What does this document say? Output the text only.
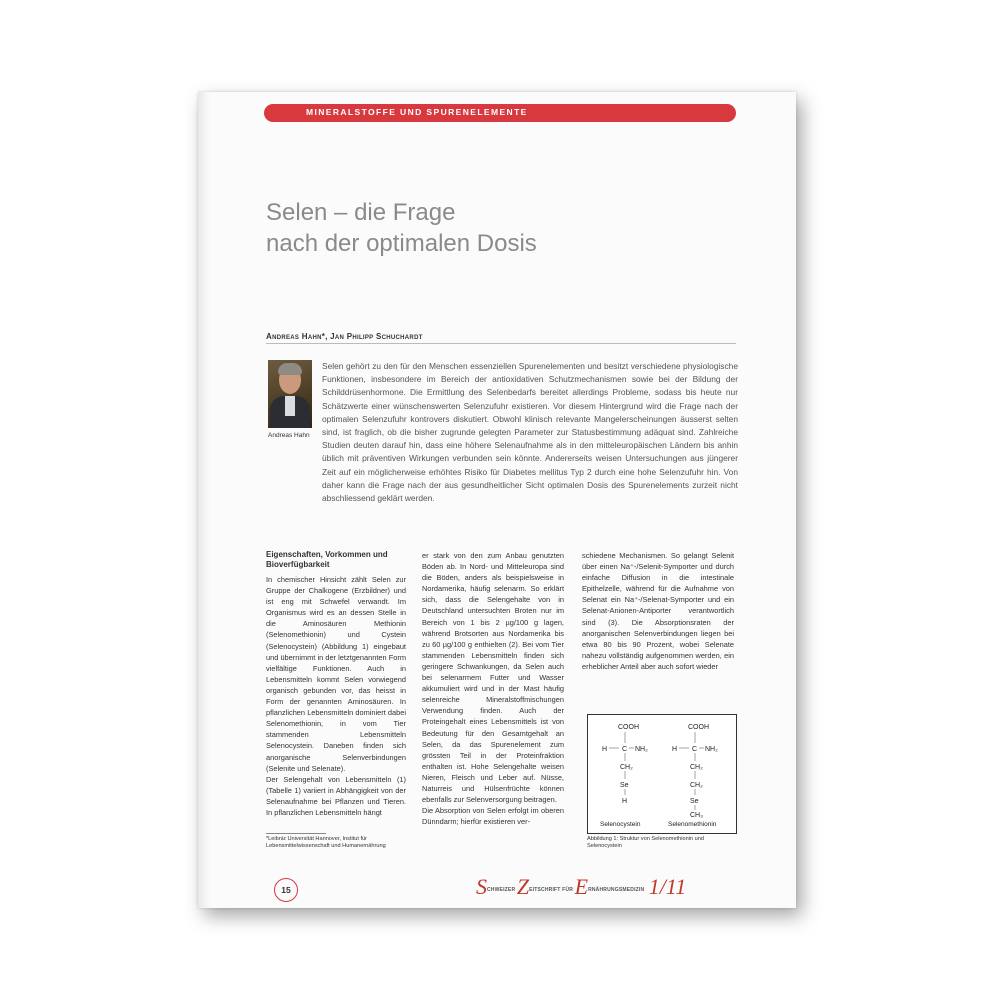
MINERALSTOFFE UND SPURENELEMENTE
Selen – die Frage
nach der optimalen Dosis
Andreas Hahn*, Jan Philipp Schuchardt
Andreas Hahn
Selen gehört zu den für den Menschen essenziellen Spurenelementen und besitzt verschiedene physiologische Funktionen, insbesondere im Bereich der antioxidativen Schutzmechanismen sowie bei der Bildung der Schilddrüsenhormone. Die Ermittlung des Selenbedarfs bereitet allerdings Probleme, sodass bis heute nur Schätzwerte einer wünschenswerten Selenzufuhr existieren. Vor diesem Hintergrund wird die Frage nach der optimalen Selenzufuhr kontrovers diskutiert. Obwohl klinisch relevante Mangelerscheinungen äusserst selten sind, ist fraglich, ob die bisher zugrunde gelegten Parameter zur Statusbestimmung adäquat sind. Zahlreiche Studien deuten darauf hin, dass eine höhere Selenaufnahme als in den mitteleuropäischen Ländern bis anhin üblich mit präventiven Wirkungen verbunden sein könnte. Andererseits weisen Untersuchungen aus jüngerer Zeit auf ein möglicherweise erhöhtes Risiko für Diabetes mellitus Typ 2 durch eine hohe Selenzufuhr hin. Von daher kann die Frage nach der aus gesundheitlicher Sicht optimalen Dosis des Spurenelements zurzeit nicht abschliessend geklärt werden.
Eigenschaften, Vorkommen und Bioverfügbarkeit

In chemischer Hinsicht zählt Selen zur Gruppe der Chalkogene (Erzbildner) und ist eng mit Schwefel verwandt. Im Organismus wird es an dessen Stelle in die Aminosäuren Methionin (Selenomethionin) und Cystein (Selenocystein) (Abbildung 1) eingebaut und übernimmt in der letztgenannten Form vielfältige Funktionen. Auch in Lebensmitteln kommt Selen vorwiegend organisch gebunden vor, das heisst in Form der genannten Aminosäuren. In pflanzlichen Lebensmitteln dominiert dabei Selenomethionin, in vom Tier stammenden Lebensmitteln Selenocystein. Daneben finden sich anorganische Selenverbindungen (Selenite und Selenate).

Der Selengehalt von Lebensmitteln (1) (Tabelle 1) variiert in Abhängigkeit von der Selenaufnahme bei Pflanzen und Tieren. In pflanzlichen Lebensmitteln hängt

er stark von den zum Anbau genutzten Böden ab. In Nord- und Mitteleuropa sind die Böden, anders als beispielsweise in Nordamerika, häufig selenarm. So erklärt sich, dass die Selengehalte von in Deutschland untersuchten Broten nur im Bereich von 1 bis 2 µg/100 g lagen, während Brotsorten aus Nordamerika bis zu 60 µg/100 g enthielten (2). Bei vom Tier stammenden Lebensmitteln finden sich geringere Schwankungen, da Selen auch bei selenarmem Futter und Wasser akkumuliert wird und in der Mast häufig selenreiche Mineralstoffmischungen Verwendung finden. Auch der Proteingehalt eines Lebensmittels ist von Bedeutung für den Gesamtgehalt an Selen, da das Spurenelement zum grössten Teil in der Proteinfraktion enthalten ist. Hohe Selengehalte weisen Nieren, Fleisch und Leber auf. Nüsse, Naturreis und Hülsenfrüchte können ebenfalls zur Selenversorgung beitragen.

Die Absorption von Selen erfolgt im oberen Dünndarm; hierfür existieren ver-

schiedene Mechanismen. So gelangt Selenit über einen Na⁺-/Selenit-Symporter und durch einfache Diffusion in die intestinale Epithelzelle, während für die Aufnahme von Selenat ein Na⁺-/Selenat-Symporter und ein Selenat-Anionen-Antiporter verantwortlich sind (3). Die Absorptionsraten der anorganischen Selenverbindungen liegen bei etwa 80 bis 90 Prozent, wobei Selenate nahezu vollständig aufgenommen werden, ein erheblicher Anteil aber auch sofort wieder

COOH
H C NH₂
CH₂
Se
H
Selenocystein
COOH
H C NH₂
CH₂
CH₂
Se
CH₃
Selenomethionin
Abbildung 1: Struktur von Selenomethionin und Selenocystein
*Leibniz Universität Hannover, Institut für Lebensmittelwissenschaft und Humanernährung
15	SCHWEIZER ZEITSCHRIFT FÜR ERNÄHRUNGSMEDIZIN 1/11
